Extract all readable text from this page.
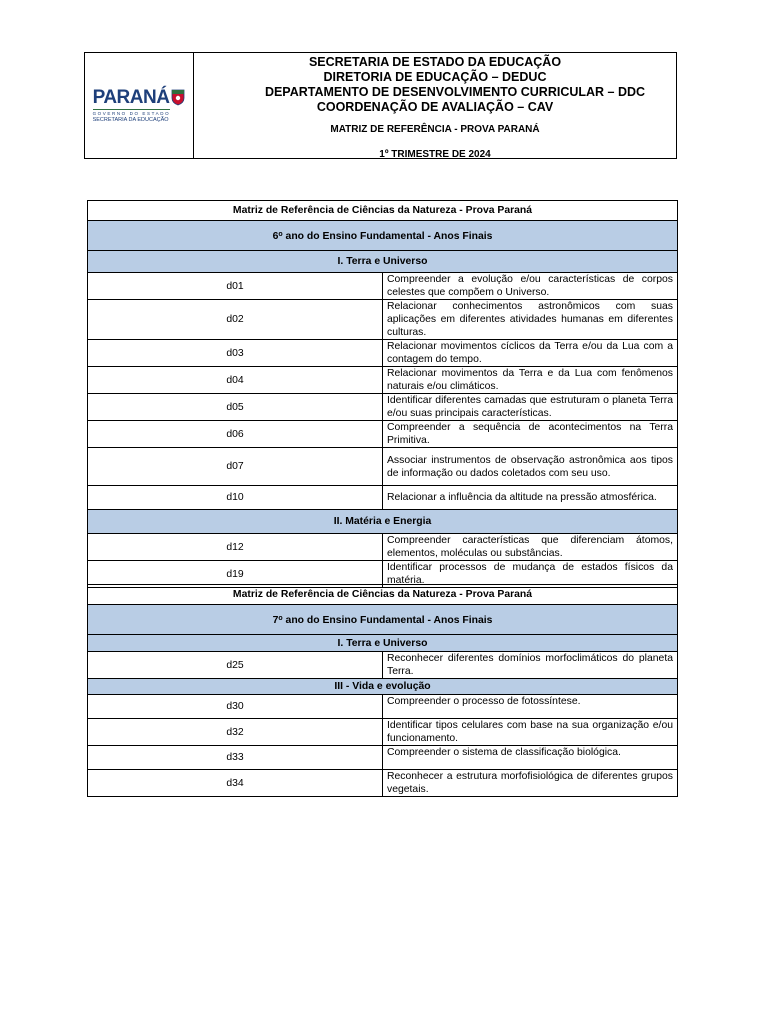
PARANÁ
GOVERNO DO ESTADO
SECRETARIA DA EDUCAÇÃO
SECRETARIA DE ESTADO DA EDUCAÇÃO
DIRETORIA DE EDUCAÇÃO – DEDUC
DEPARTAMENTO DE DESENVOLVIMENTO CURRICULAR – DDC
COORDENAÇÃO DE AVALIAÇÃO – CAV
MATRIZ DE REFERÊNCIA - PROVA PARANÁ
1º TRIMESTRE DE 2024
Matriz de Referência de Ciências da Natureza - Prova Paraná	
6$^o$ ano do Ensino Fundamental - Anos Finais	
I. Terra e Universo	
d01	Compreender a evolução e/ou características de corpos celestes que compõem o Universo.
d02	Relacionar conhecimentos astronômicos com suas aplicações em diferentes atividades humanas em diferentes culturas.
d03	Relacionar movimentos cíclicos da Terra e/ou da Lua com a contagem do tempo.
d04	Relacionar movimentos da Terra e da Lua com fenômenos naturais e/ou climáticos.
d05	Identificar diferentes camadas que estruturam o planeta Terra e/ou suas principais características.
d06	Compreender a sequência de acontecimentos na Terra Primitiva.
d07	Associar instrumentos de observação astronômica aos tipos de informação ou dados coletados com seu uso.
d10	Relacionar a influência da altitude na pressão atmosférica.
II. Matéria e Energia	
d12	Compreender características que diferenciam átomos, elementos, moléculas ou substâncias.
d19	Identificar processos de mudança de estados físicos da matéria.
Matriz de Referência de Ciências da Natureza - Prova Paraná	
7$^o$ ano do Ensino Fundamental - Anos Finais	
I. Terra e Universo	
d25	Reconhecer diferentes domínios morfoclimáticos do planeta Terra.
III - Vida e evolução	
d30	Compreender o processo de fotossíntese.
d32	Identificar tipos celulares com base na sua organização e/ou funcionamento.
d33	Compreender o sistema de classificação biológica.
d34	Reconhecer a estrutura morfofisiológica de diferentes grupos vegetais.
